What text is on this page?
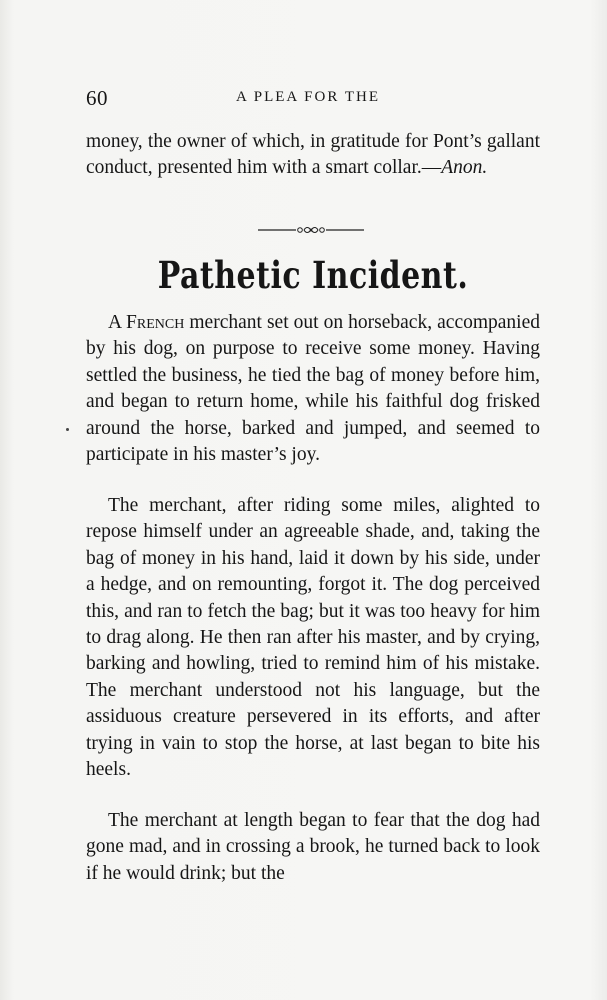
60	A PLEA FOR THE

money, the owner of which, in gratitude for Pont’s gallant conduct, presented him with a smart collar.—Anon.

Pathetic Incident.

A French merchant set out on horseback, accompanied by his dog, on purpose to receive some money. Having settled the business, he tied the bag of money before him, and began to return home, while his faithful dog frisked around the horse, barked and jumped, and seemed to participate in his master’s joy.

The merchant, after riding some miles, alighted to repose himself under an agreeable shade, and, taking the bag of money in his hand, laid it down by his side, under a hedge, and on remounting, forgot it. The dog perceived this, and ran to fetch the bag; but it was too heavy for him to drag along. He then ran after his master, and by crying, barking and howling, tried to remind him of his mistake. The merchant understood not his language, but the assiduous creature persevered in its efforts, and after trying in vain to stop the horse, at last began to bite his heels.

The merchant at length began to fear that the dog had gone mad, and in crossing a brook, he turned back to look if he would drink; but the
